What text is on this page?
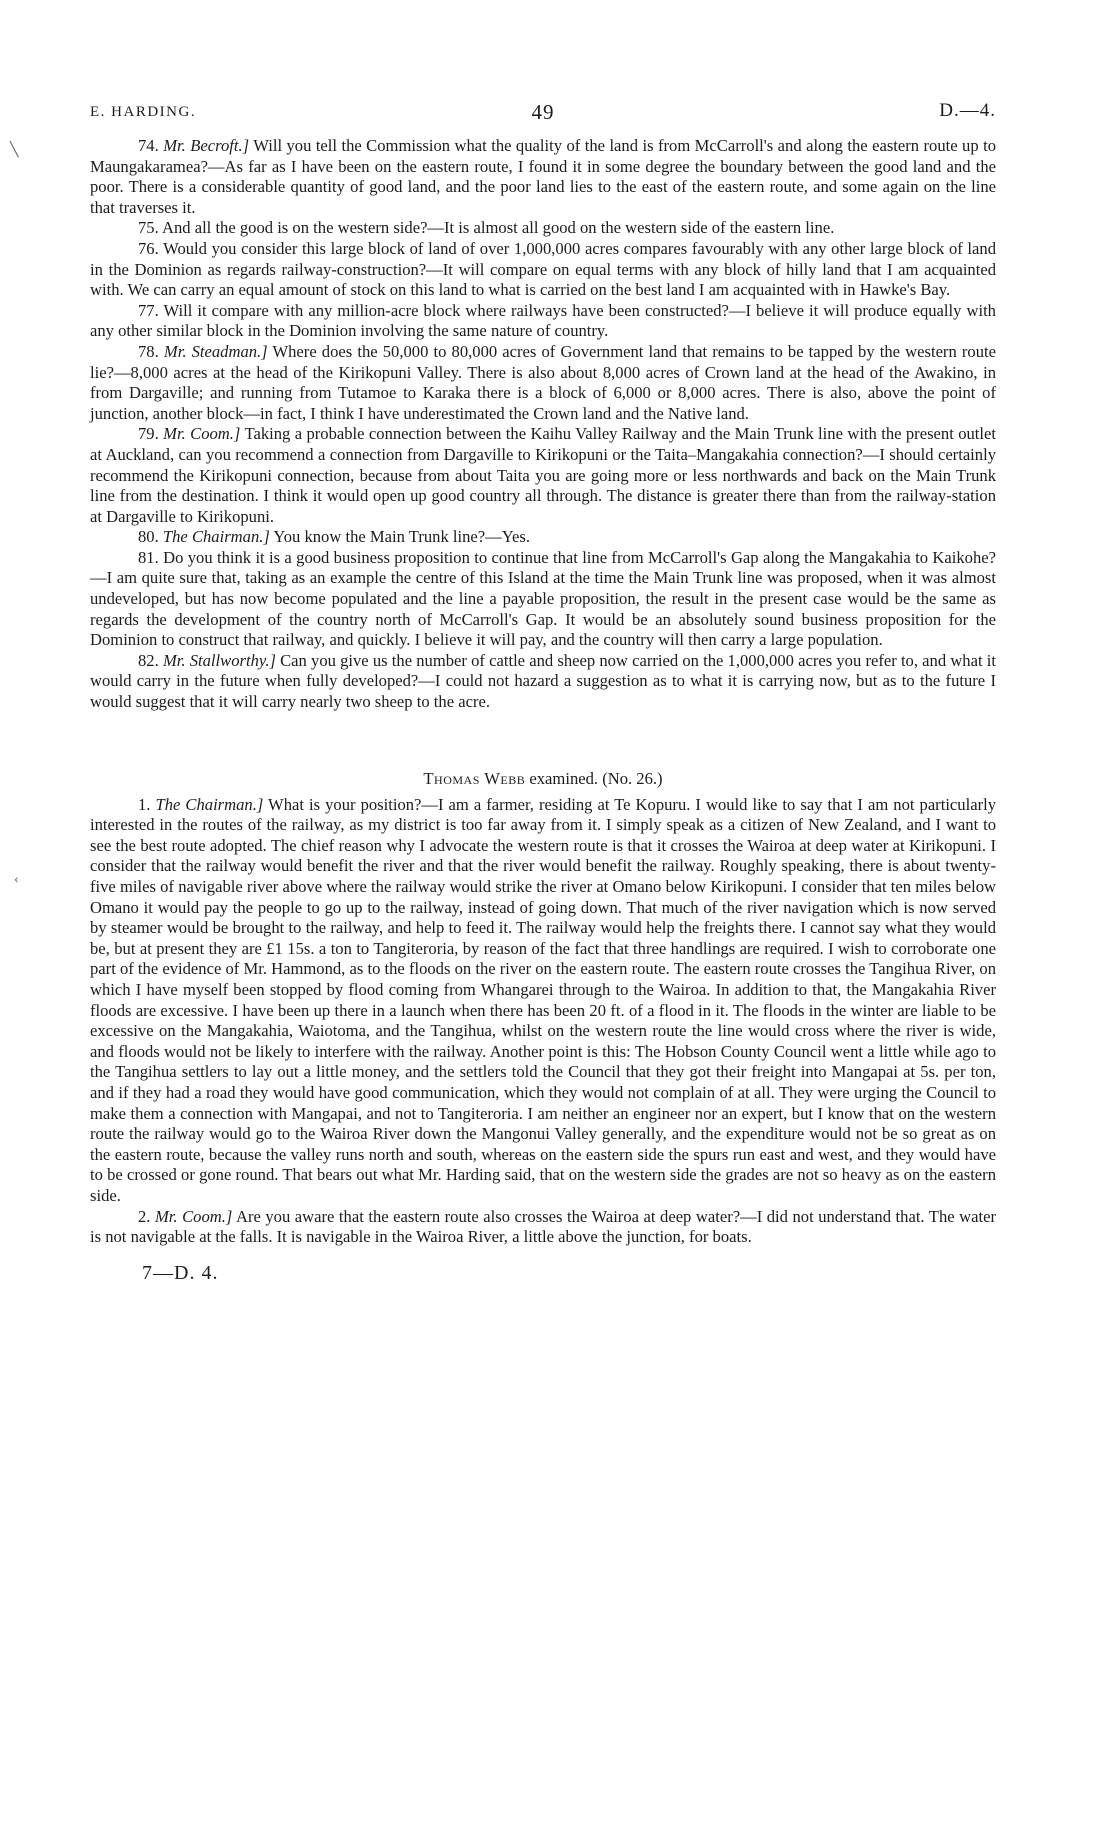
╲
‹
E. HARDING.	49	D.—4.

74. Mr. Becroft.] Will you tell the Commission what the quality of the land is from McCarroll's and along the eastern route up to Maungakaramea?—As far as I have been on the eastern route, I found it in some degree the boundary between the good land and the poor. There is a considerable quantity of good land, and the poor land lies to the east of the eastern route, and some again on the line that traverses it.

75. And all the good is on the western side?—It is almost all good on the western side of the eastern line.

76. Would you consider this large block of land of over 1,000,000 acres compares favourably with any other large block of land in the Dominion as regards railway-construction?—It will compare on equal terms with any block of hilly land that I am acquainted with. We can carry an equal amount of stock on this land to what is carried on the best land I am acquainted with in Hawke's Bay.

77. Will it compare with any million-acre block where railways have been constructed?—I believe it will produce equally with any other similar block in the Dominion involving the same nature of country.

78. Mr. Steadman.] Where does the 50,000 to 80,000 acres of Government land that remains to be tapped by the western route lie?—8,000 acres at the head of the Kirikopuni Valley. There is also about 8,000 acres of Crown land at the head of the Awakino, in from Dargaville; and running from Tutamoe to Karaka there is a block of 6,000 or 8,000 acres. There is also, above the point of junction, another block—in fact, I think I have underestimated the Crown land and the Native land.

79. Mr. Coom.] Taking a probable connection between the Kaihu Valley Railway and the Main Trunk line with the present outlet at Auckland, can you recommend a connection from Dargaville to Kirikopuni or the Taita–Mangakahia connection?—I should certainly recommend the Kirikopuni connection, because from about Taita you are going more or less northwards and back on the Main Trunk line from the destination. I think it would open up good country all through. The distance is greater there than from the railway-station at Dargaville to Kirikopuni.

80. The Chairman.] You know the Main Trunk line?—Yes.

81. Do you think it is a good business proposition to continue that line from McCarroll's Gap along the Mangakahia to Kaikohe?—I am quite sure that, taking as an example the centre of this Island at the time the Main Trunk line was proposed, when it was almost undeveloped, but has now become populated and the line a payable proposition, the result in the present case would be the same as regards the development of the country north of McCarroll's Gap. It would be an absolutely sound business proposition for the Dominion to construct that railway, and quickly. I believe it will pay, and the country will then carry a large population.

82. Mr. Stallworthy.] Can you give us the number of cattle and sheep now carried on the 1,000,000 acres you refer to, and what it would carry in the future when fully developed?—I could not hazard a suggestion as to what it is carrying now, but as to the future I would suggest that it will carry nearly two sheep to the acre.

Thomas Webb examined. (No. 26.)

1. The Chairman.] What is your position?—I am a farmer, residing at Te Kopuru. I would like to say that I am not particularly interested in the routes of the railway, as my district is too far away from it. I simply speak as a citizen of New Zealand, and I want to see the best route adopted. The chief reason why I advocate the western route is that it crosses the Wairoa at deep water at Kirikopuni. I consider that the railway would benefit the river and that the river would benefit the railway. Roughly speaking, there is about twenty-five miles of navigable river above where the railway would strike the river at Omano below Kirikopuni. I consider that ten miles below Omano it would pay the people to go up to the railway, instead of going down. That much of the river navigation which is now served by steamer would be brought to the railway, and help to feed it. The railway would help the freights there. I cannot say what they would be, but at present they are £1 15s. a ton to Tangiteroria, by reason of the fact that three handlings are required. I wish to corroborate one part of the evidence of Mr. Hammond, as to the floods on the river on the eastern route. The eastern route crosses the Tangihua River, on which I have myself been stopped by flood coming from Whangarei through to the Wairoa. In addition to that, the Mangakahia River floods are excessive. I have been up there in a launch when there has been 20 ft. of a flood in it. The floods in the winter are liable to be excessive on the Mangakahia, Waiotoma, and the Tangihua, whilst on the western route the line would cross where the river is wide, and floods would not be likely to interfere with the railway. Another point is this: The Hobson County Council went a little while ago to the Tangihua settlers to lay out a little money, and the settlers told the Council that they got their freight into Mangapai at 5s. per ton, and if they had a road they would have good communication, which they would not complain of at all. They were urging the Council to make them a connection with Mangapai, and not to Tangiteroria. I am neither an engineer nor an expert, but I know that on the western route the railway would go to the Wairoa River down the Mangonui Valley generally, and the expenditure would not be so great as on the eastern route, because the valley runs north and south, whereas on the eastern side the spurs run east and west, and they would have to be crossed or gone round. That bears out what Mr. Harding said, that on the western side the grades are not so heavy as on the eastern side.

2. Mr. Coom.] Are you aware that the eastern route also crosses the Wairoa at deep water?—I did not understand that. The water is not navigable at the falls. It is navigable in the Wairoa River, a little above the junction, for boats.

7—D. 4.
